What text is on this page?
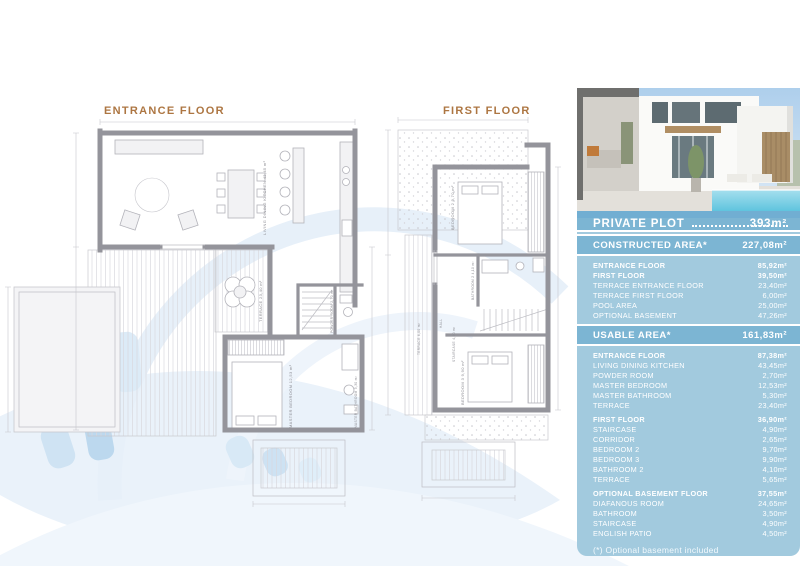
ENTRANCE FLOOR	FIRST FLOOR
LIVING DINING KITCHEN 43,45 m²
TERRACE 23,40 m²
MASTER BEDROOM 12,53 m²	MASTER BATHROOM 5,30 m²
POWDER ROOM 2,70 m²
BEDROOM 2 9,70 m²
BATHROOM 2 4,10 m²
HALL
STAIRCASE 4,90 m²
BEDROOM 3 9,90 m²
TERRACE 6,00 m²
PRIVATE PLOT	393m²
CONSTRUCTED AREA*	227,08m²
ENTRANCE FLOOR	85,92m²
FIRST FLOOR	39,50m²
TERRACE ENTRANCE FLOOR	23,40m²
TERRACE FIRST FLOOR	6,00m²
POOL AREA	25,00m²
OPTIONAL BASEMENT	47,26m²
USABLE AREA*	161,83m²
ENTRANCE FLOOR	87,38m²
LIVING DINING KITCHEN	43,45m²
POWDER ROOM	2,70m²
MASTER BEDROOM	12,53m²
MASTER BATHROOM	5,30m²
TERRACE	23,40m²
FIRST FLOOR	36,90m²
STAIRCASE	4,90m²
CORRIDOR	2,65m²
BEDROOM 2	9,70m²
BEDROOM 3	9,90m²
BATHROOM 2	4,10m²
TERRACE	5,65m²
OPTIONAL BASEMENT FLOOR	37,55m²
DIAFANOUS ROOM	24,65m²
BATHROOM	3,50m²
STAIRCASE	4,90m²
ENGLISH PATIO	4,50m²
(*) Optional basement included
